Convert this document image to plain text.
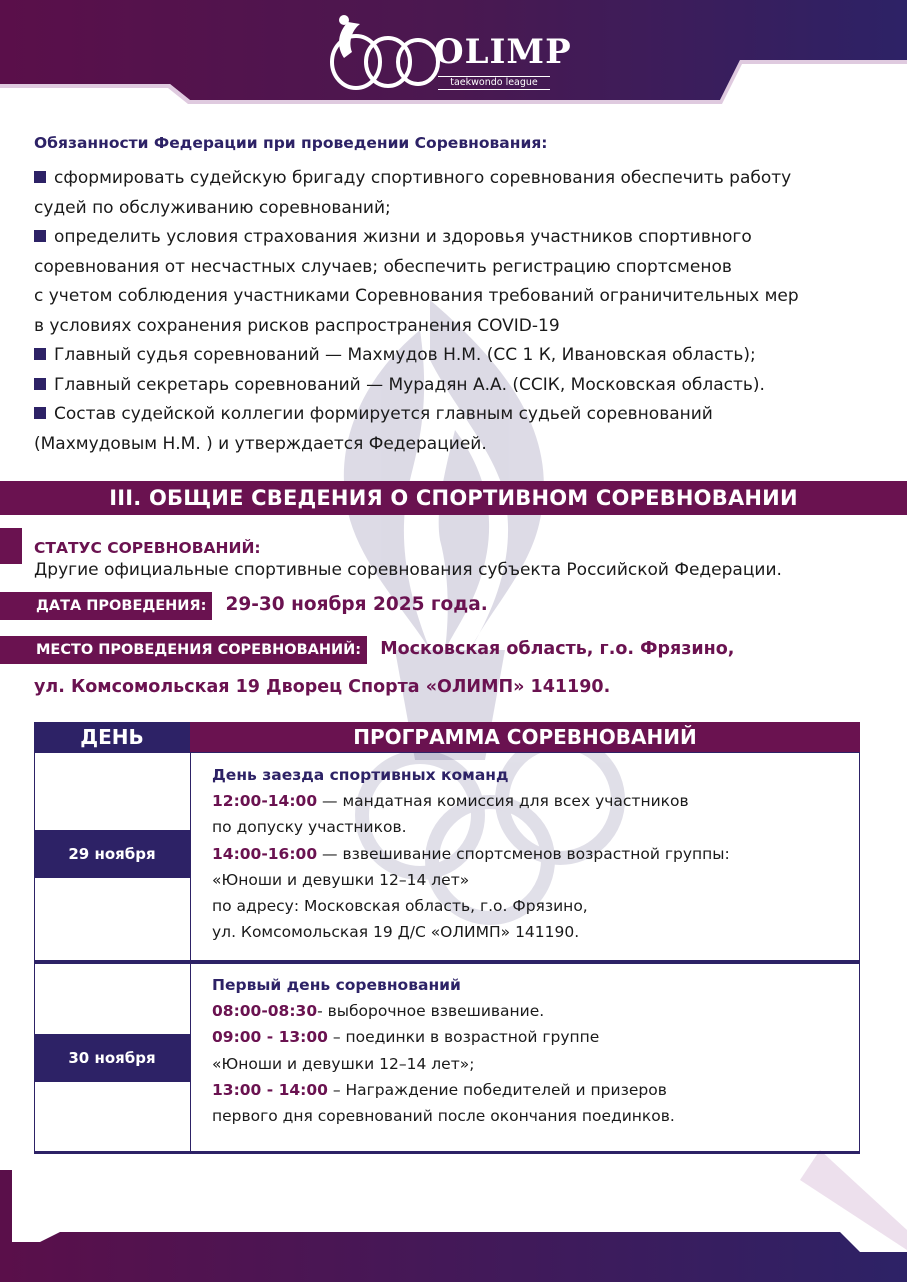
OLIMP
taekwondo league
Обязанности Федерации при проведении Соревнования:
сформировать судейскую бригаду спортивного соревнования обеспечить работу
судей по обслуживанию соревнований;
определить условия страхования жизни и здоровья участников спортивного
соревнования от несчастных случаев; обеспечить регистрацию спортсменов
с учетом соблюдения участниками Соревнования требований ограничительных мер
в условиях сохранения рисков распространения COVID-19
Главный судья соревнований — Махмудов Н.М. (СС 1 К, Ивановская область);
Главный секретарь соревнований — Мурадян А.А. (ССIК, Московская область).
Состав судейской коллегии формируется главным судьей соревнований
(Махмудовым Н.М. ) и утверждается Федерацией.
III. ОБЩИЕ СВЕДЕНИЯ О СПОРТИВНОМ СОРЕВНОВАНИИ
СТАТУС СОРЕВНОВАНИЙ:
Другие официальные спортивные соревнования субъекта Российской Федерации.
ДАТА ПРОВЕДЕНИЯ: 29-30 ноября 2025 года.
МЕСТО ПРОВЕДЕНИЯ СОРЕВНОВАНИЙ: Московская область, г.о. Фрязино,
ул. Комсомольская 19 Дворец Спорта «ОЛИМП» 141190.
ДЕНЬ	ПРОГРАММА СОРЕВНОВАНИЙ
29 ноября
День заезда спортивных команд
12:00-14:00 — мандатная комиссия для всех участников
по допуску участников.
14:00-16:00 — взвешивание спортсменов возрастной группы:
«Юноши и девушки 12–14 лет»
по адресу: Московская область, г.о. Фрязино,
ул. Комсомольская 19 Д/С «ОЛИМП» 141190.
30 ноября
Первый день соревнований
08:00-08:30- выборочное взвешивание.
09:00 - 13:00 – поединки в возрастной группе
«Юноши и девушки 12–14 лет»;
13:00 - 14:00 – Награждение победителей и призеров
первого дня соревнований после окончания поединков.
